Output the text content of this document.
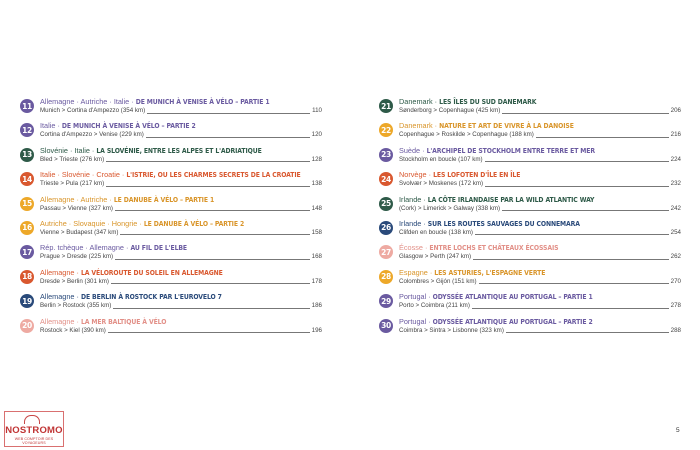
11 Allemagne · Autriche · Italie · DE MUNICH À VENISE À VÉLO – PARTIE 1
Munich > Cortina d'Ampezzo (354 km)	110
12 Italie · DE MUNICH À VENISE À VÉLO – PARTIE 2
Cortina d'Ampezzo > Venise (229 km)	120
13 Slovénie · Italie · LA SLOVÉNIE, ENTRE LES ALPES ET L'ADRIATIQUE
Bled > Trieste (276 km)	128
14 Italie · Slovénie · Croatie · L'ISTRIE, OU LES CHARMES SECRETS DE LA CROATIE
Trieste > Pula (217 km)	138
15 Allemagne · Autriche · LE DANUBE À VÉLO – PARTIE 1
Passau > Vienne (327 km)	148
16 Autriche · Slovaquie · Hongrie · LE DANUBE À VÉLO – PARTIE 2
Vienne > Budapest (347 km)	158
17 Rép. tchèque · Allemagne · AU FIL DE L'ELBE
Prague > Dresde (225 km)	168
18 Allemagne · LA VÉLOROUTE DU SOLEIL EN ALLEMAGNE
Dresde > Berlin (301 km)	178
19 Allemagne · DE BERLIN À ROSTOCK PAR L'EUROVELO 7
Berlin > Rostock (355 km)	186
20 Allemagne · LA MER BALTIQUE À VÉLO
Rostock > Kiel (390 km)	196
21 Danemark · LES ÎLES DU SUD DANEMARK
Sønderborg > Copenhague (425 km)	206
22 Danemark · NATURE ET ART DE VIVRE À LA DANOISE
Copenhague > Roskilde > Copenhague (188 km)	216
23 Suède · L'ARCHIPEL DE STOCKHOLM ENTRE TERRE ET MER
Stockholm en boucle (107 km)	224
24 Norvège · LES LOFOTEN D'ÎLE EN ÎLE
Svolvær > Moskenes (172 km)	232
25 Irlande · LA CÔTE IRLANDAISE PAR LA WILD ATLANTIC WAY
(Cork) > Limerick > Galway (338 km)	242
26 Irlande · SUR LES ROUTES SAUVAGES DU CONNEMARA
Clifden en boucle (138 km)	254
27 Écosse · ENTRE LOCHS ET CHÂTEAUX ÉCOSSAIS
Glasgow > Perth (247 km)	262
28 Espagne · LES ASTURIES, L'ESPAGNE VERTE
Colombres > Gijón (151 km)	270
29 Portugal · ODYSSÉE ATLANTIQUE AU PORTUGAL – PARTIE 1
Porto > Coimbra (211 km)	278
30 Portugal · ODYSSÉE ATLANTIQUE AU PORTUGAL – PARTIE 2
Coimbra > Sintra > Lisbonne (323 km)	288
NOSTROMO
WEB COMPTOIR DES VOYAGEURS
5
